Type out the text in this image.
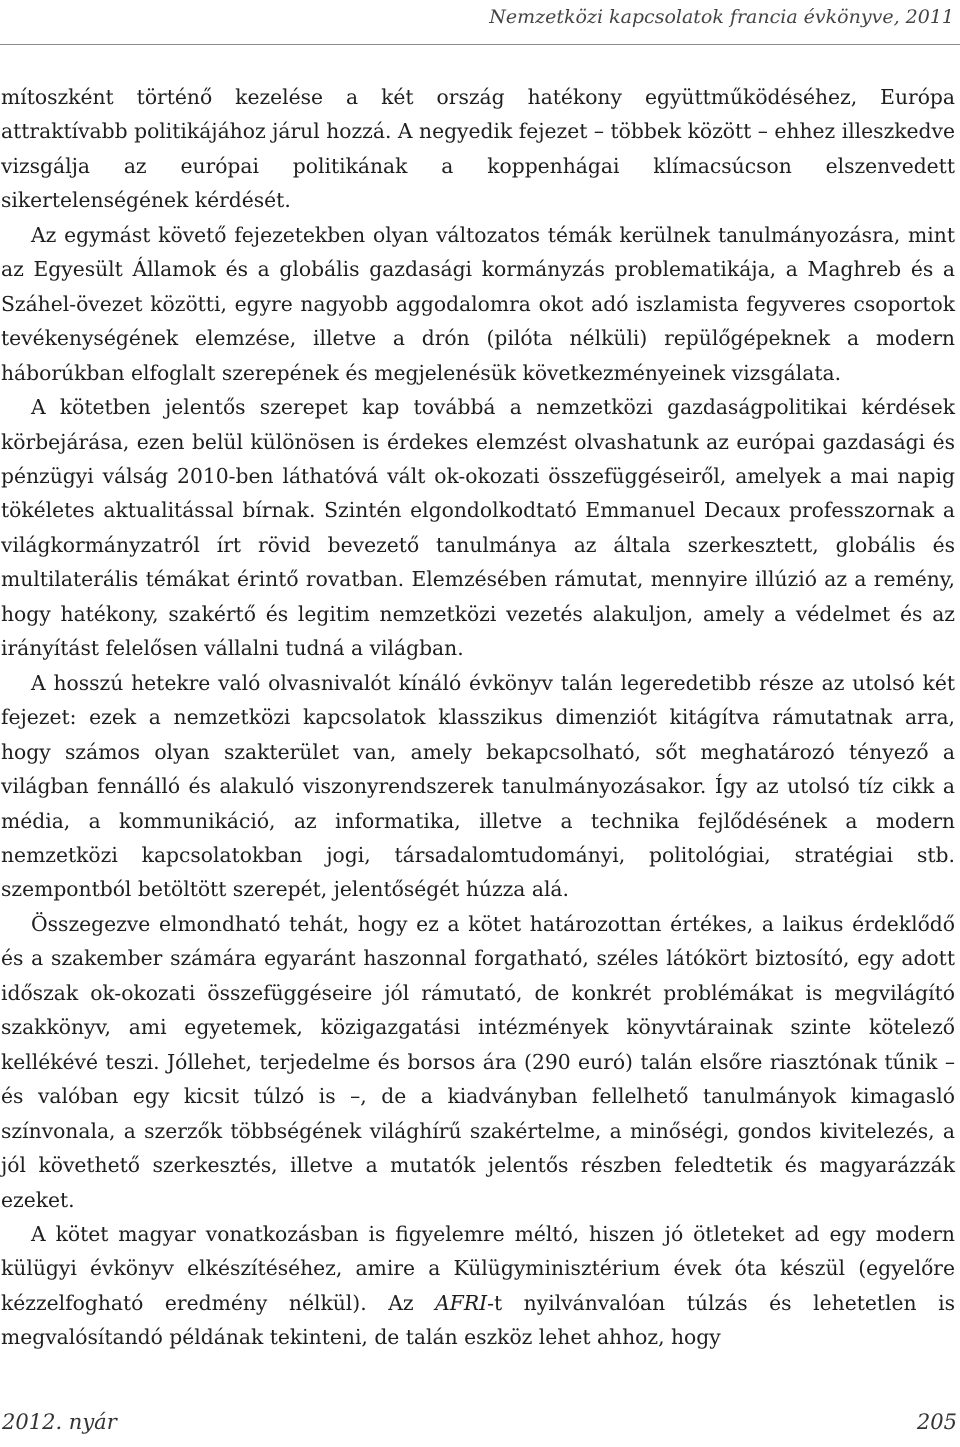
Nemzetközi kapcsolatok francia évkönyve, 2011

mítoszként történő kezelése a két ország hatékony együttműködéséhez, Európa attraktívabb politikájához járul hozzá. A negyedik fejezet – többek között – ehhez illeszkedve vizsgálja az európai politikának a koppenhágai klímacsúcson elszenvedett sikertelenségének kérdését.

Az egymást követő fejezetekben olyan változatos témák kerülnek tanulmányozásra, mint az Egyesült Államok és a globális gazdasági kormányzás problematikája, a Maghreb és a Száhel-övezet közötti, egyre nagyobb aggodalomra okot adó iszlamista fegyveres csoportok tevékenységének elemzése, illetve a drón (pilóta nélküli) repülőgépeknek a modern háborúkban elfoglalt szerepének és megjelenésük következményeinek vizsgálata.

A kötetben jelentős szerepet kap továbbá a nemzetközi gazdaságpolitikai kérdések körbejárása, ezen belül különösen is érdekes elemzést olvashatunk az európai gazdasági és pénzügyi válság 2010-ben láthatóvá vált ok-okozati összefüggéseiről, amelyek a mai napig tökéletes aktualitással bírnak. Szintén elgondolkodtató Emmanuel Decaux professzornak a világkormányzatról írt rövid bevezető tanulmánya az általa szerkesztett, globális és multilaterális témákat érintő rovatban. Elemzésében rámutat, mennyire illúzió az a remény, hogy hatékony, szakértő és legitim nemzetközi vezetés alakuljon, amely a védelmet és az irányítást felelősen vállalni tudná a világban.

A hosszú hetekre való olvasnivalót kínáló évkönyv talán legeredetibb része az utolsó két fejezet: ezek a nemzetközi kapcsolatok klasszikus dimenziót kitágítva rámutatnak arra, hogy számos olyan szakterület van, amely bekapcsolható, sőt meghatározó tényező a világban fennálló és alakuló viszonyrendszerek tanulmányozásakor. Így az utolsó tíz cikk a média, a kommunikáció, az informatika, illetve a technika fejlődésének a modern nemzetközi kapcsolatokban jogi, társadalomtudományi, politológiai, stratégiai stb. szempontból betöltött szerepét, jelentőségét húzza alá.

Összegezve elmondható tehát, hogy ez a kötet határozottan értékes, a laikus érdeklődő és a szakember számára egyaránt haszonnal forgatható, széles látókört biztosító, egy adott időszak ok-okozati összefüggéseire jól rámutató, de konkrét problémákat is megvilágító szakkönyv, ami egyetemek, közigazgatási intézmények könyvtárainak szinte kötelező kellékévé teszi. Jóllehet, terjedelme és borsos ára (290 euró) talán elsőre riasztónak tűnik – és valóban egy kicsit túlzó is –, de a kiadványban fellelhető tanulmányok kimagasló színvonala, a szerzők többségének világhírű szakértelme, a minőségi, gondos kivitelezés, a jól követhető szerkesztés, illetve a mutatók jelentős részben feledtetik és magyarázzák ezeket.

A kötet magyar vonatkozásban is figyelemre méltó, hiszen jó ötleteket ad egy modern külügyi évkönyv elkészítéséhez, amire a Külügyminisztérium évek óta készül (egyelőre kézzelfogható eredmény nélkül). Az AFRI-t nyilvánvalóan túlzás és lehetetlen is megvalósítandó példának tekinteni, de talán eszköz lehet ahhoz, hogy

2012. nyár	205
